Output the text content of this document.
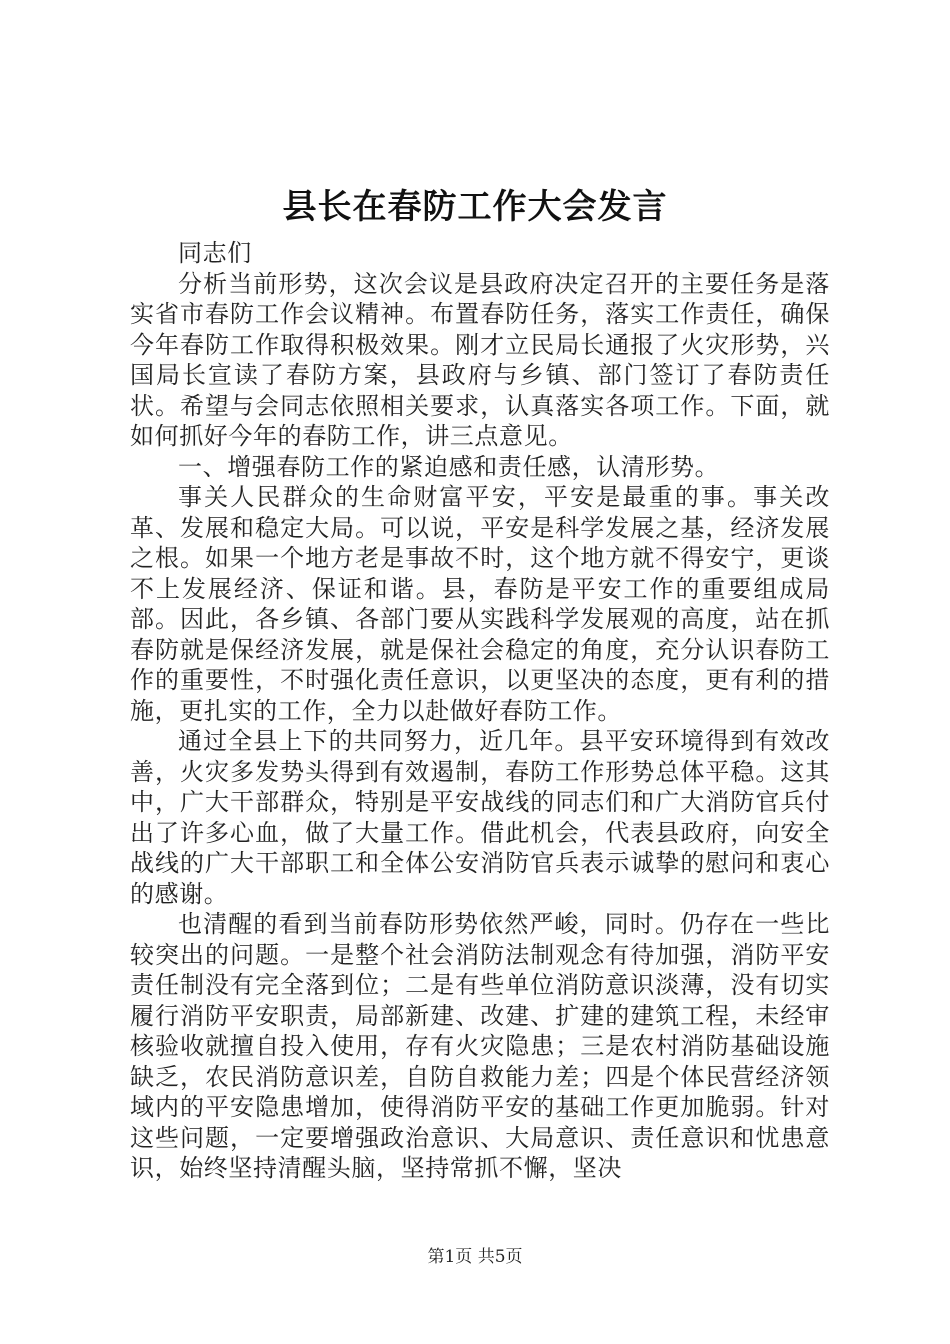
县长在春防工作大会发言

同志们

分析当前形势，这次会议是县政府决定召开的主要任务是落实省市春防工作会议精神。布置春防任务，落实工作责任，确保今年春防工作取得积极效果。刚才立民局长通报了火灾形势，兴国局长宣读了春防方案，县政府与乡镇、部门签订了春防责任状。希望与会同志依照相关要求，认真落实各项工作。下面，就如何抓好今年的春防工作，讲三点意见。

一、增强春防工作的紧迫感和责任感，认清形势。

事关人民群众的生命财富平安，平安是最重的事。事关改革、发展和稳定大局。可以说，平安是科学发展之基，经济发展之根。如果一个地方老是事故不时，这个地方就不得安宁，更谈不上发展经济、保证和谐。县，春防是平安工作的重要组成局部。因此，各乡镇、各部门要从实践科学发展观的高度，站在抓春防就是保经济发展，就是保社会稳定的角度，充分认识春防工作的重要性，不时强化责任意识，以更坚决的态度，更有利的措施，更扎实的工作，全力以赴做好春防工作。

通过全县上下的共同努力，近几年。县平安环境得到有效改善，火灾多发势头得到有效遏制，春防工作形势总体平稳。这其中，广大干部群众，特别是平安战线的同志们和广大消防官兵付出了许多心血，做了大量工作。借此机会，代表县政府，向安全战线的广大干部职工和全体公安消防官兵表示诚挚的慰问和衷心的感谢。

也清醒的看到当前春防形势依然严峻，同时。仍存在一些比较突出的问题。一是整个社会消防法制观念有待加强，消防平安责任制没有完全落到位；二是有些单位消防意识淡薄，没有切实履行消防平安职责，局部新建、改建、扩建的建筑工程，未经审核验收就擅自投入使用，存有火灾隐患；三是农村消防基础设施缺乏，农民消防意识差，自防自救能力差；四是个体民营经济领域内的平安隐患增加，使得消防平安的基础工作更加脆弱。针对这些问题，一定要增强政治意识、大局意识、责任意识和忧患意识，始终坚持清醒头脑，坚持常抓不懈，坚决

第1页 共5页
